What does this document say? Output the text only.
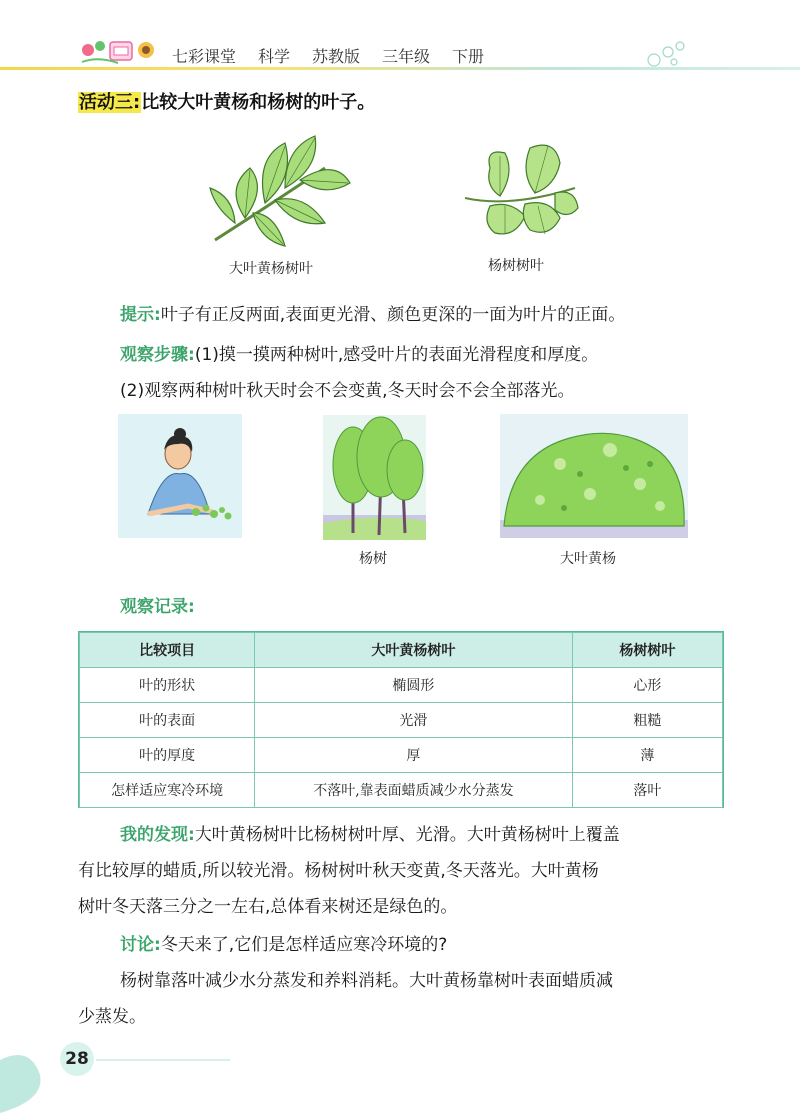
七彩课堂 科学 苏教版 三年级 下册
活动三:比较大叶黄杨和杨树的叶子。
大叶黄杨树叶	杨树树叶
提示:叶子有正反两面,表面更光滑、颜色更深的一面为叶片的正面。
观察步骤:(1)摸一摸两种树叶,感受叶片的表面光滑程度和厚度。
(2)观察两种树叶秋天时会不会变黄,冬天时会不会全部落光。
杨树	大叶黄杨
观察记录:
比较项目	大叶黄杨树叶	杨树树叶
叶的形状	椭圆形	心形
叶的表面	光滑	粗糙
叶的厚度	厚	薄
怎样适应寒冷环境	不落叶,靠表面蜡质减少水分蒸发	落叶
我的发现:大叶黄杨树叶比杨树树叶厚、光滑。大叶黄杨树叶上覆盖
有比较厚的蜡质,所以较光滑。杨树树叶秋天变黄,冬天落光。大叶黄杨
树叶冬天落三分之一左右,总体看来树还是绿色的。
讨论:冬天来了,它们是怎样适应寒冷环境的?
杨树靠落叶减少水分蒸发和养料消耗。大叶黄杨靠树叶表面蜡质减
少蒸发。
28
